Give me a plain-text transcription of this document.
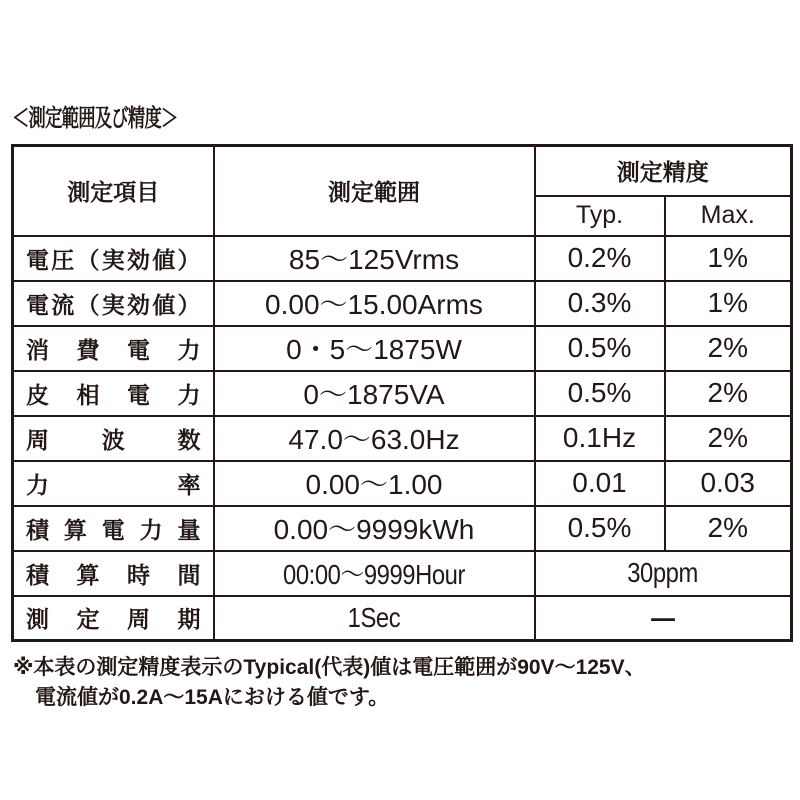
＜測定範囲及び精度＞
測定項目	測定範囲	測定精度	
		Typ.	Max.

電圧（実効値）	85〜125Vrms	0.2%	1%

電流（実効値）	0.00〜15.00Arms	0.3%	1%

消費電力	0・5〜1875W	0.5%	2%

皮相電力	0〜1875VA	0.5%	2%

周波数	47.0〜63.0Hz	0.1Hz	2%

力率	0.00〜1.00	0.01	0.03

積算電力量	0.00〜9999kWh	0.5%	2%

積算時間	00:00〜9999Hour	30ppm	

測定周期	1Sec	—	
※本表の測定精度表示のTypical(代表)値は電圧範囲が90V〜125V、
電流値が0.2A〜15Aにおける値です。
